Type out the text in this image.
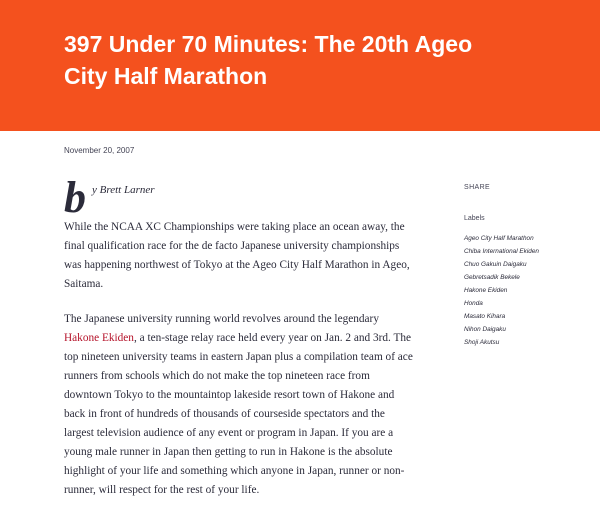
397 Under 70 Minutes: The 20th Ageo City Half Marathon
November 20, 2007
b y Brett Larner

While the NCAA XC Championships were taking place an ocean away, the final qualification race for the de facto Japanese university championships was happening northwest of Tokyo at the Ageo City Half Marathon in Ageo, Saitama.

The Japanese university running world revolves around the legendary Hakone Ekiden, a ten-stage relay race held every year on Jan. 2 and 3rd. The top nineteen university teams in eastern Japan plus a compilation team of ace runners from schools which do not make the top nineteen race from downtown Tokyo to the mountaintop lakeside resort town of Hakone and back in front of hundreds of thousands of courseside spectators and the largest television audience of any event or program in Japan. If you are a young male runner in Japan then getting to run in Hakone is the absolute highlight of your life and something which anyone in Japan, runner or non-runner, will respect for the rest of your life.

SHARE
Labels
Ageo City Half Marathon
Chiba International Ekiden
Chuo Gakuin Daigaku
Gebretsadik Bekele
Hakone Ekiden
Honda
Masato Kihara
Nihon Daigaku
Shoji Akutsu
